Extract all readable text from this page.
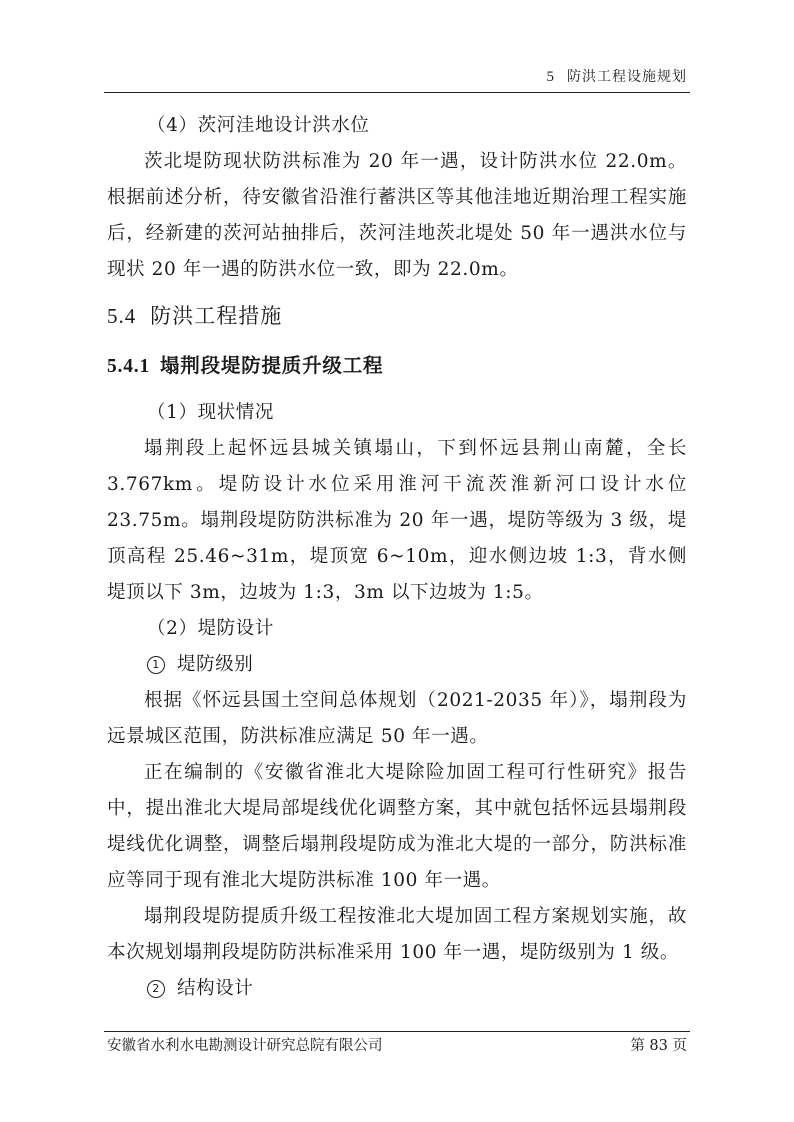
5 防洪工程设施规划

（4）茨河洼地设计洪水位

茨北堤防现状防洪标准为 20 年一遇，设计防洪水位 22.0m。根据前述分析，待安徽省沿淮行蓄洪区等其他洼地近期治理工程实施后，经新建的茨河站抽排后，茨河洼地茨北堤处 50 年一遇洪水位与现状 20 年一遇的防洪水位一致，即为 22.0m。

5.4 防洪工程措施
5.4.1 塌荆段堤防提质升级工程

（1）现状情况

塌荆段上起怀远县城关镇塌山，下到怀远县荆山南麓，全长 3.767km。堤防设计水位采用淮河干流茨淮新河口设计水位 23.75m。塌荆段堤防防洪标准为 20 年一遇，堤防等级为 3 级，堤顶高程 25.46~31m，堤顶宽 6~10m，迎水侧边坡 1:3，背水侧堤顶以下 3m，边坡为 1:3，3m 以下边坡为 1:5。

（2）堤防设计

1 堤防级别

根据《怀远县国土空间总体规划（2021-2035 年）》，塌荆段为远景城区范围，防洪标准应满足 50 年一遇。

正在编制的《安徽省淮北大堤除险加固工程可行性研究》报告中，提出淮北大堤局部堤线优化调整方案，其中就包括怀远县塌荆段堤线优化调整，调整后塌荆段堤防成为淮北大堤的一部分，防洪标准应等同于现有淮北大堤防洪标准 100 年一遇。

塌荆段堤防提质升级工程按淮北大堤加固工程方案规划实施，故本次规划塌荆段堤防防洪标准采用 100 年一遇，堤防级别为 1 级。

2 结构设计

安徽省水利水电勘测设计研究总院有限公司	第 83 页
